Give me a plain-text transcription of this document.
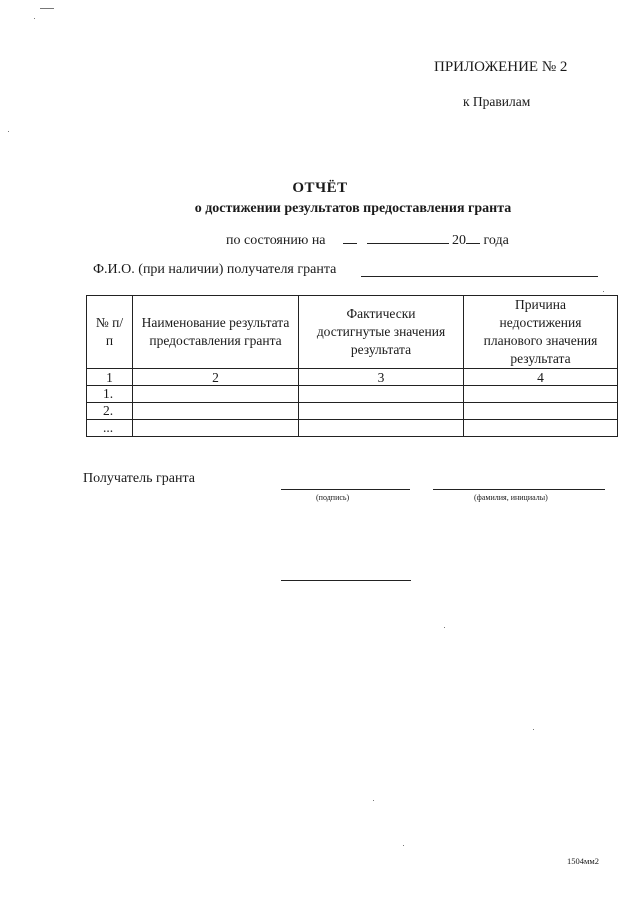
ПРИЛОЖЕНИЕ № 2
к Правилам
ОТЧЁТ
о достижении результатов предоставления гранта
по состоянию на	20 года
Ф.И.О. (при наличии) получателя гранта
№ п/п	Наименование результата предоставления гранта	Фактически достигнутые значения результата	Причина недостижения планового значения результата
1	2	3	4
1.			
2.			
...			
Получатель гранта
(подпись)	(фамилия, инициалы)
1504мм2
